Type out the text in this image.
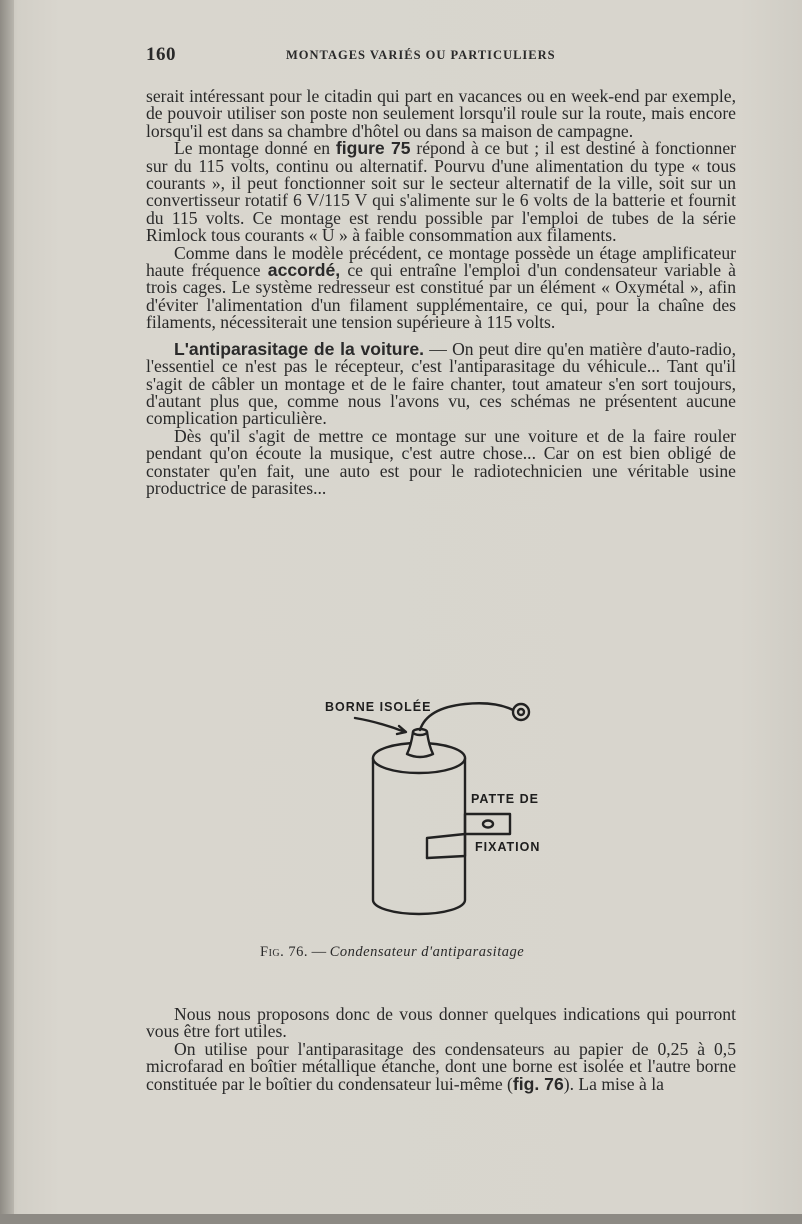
160	MONTAGES VARIÉS OU PARTICULIERS

serait intéressant pour le citadin qui part en vacances ou en week-end par exemple, de pouvoir utiliser son poste non seulement lorsqu'il roule sur la route, mais encore lorsqu'il est dans sa chambre d'hôtel ou dans sa maison de campagne.

Le montage donné en figure 75 répond à ce but ; il est destiné à fonctionner sur du 115 volts, continu ou alternatif. Pourvu d'une alimentation du type « tous courants », il peut fonctionner soit sur le secteur alternatif de la ville, soit sur un convertisseur rotatif 6 V/115 V qui s'alimente sur le 6 volts de la batterie et fournit du 115 volts. Ce montage est rendu possible par l'emploi de tubes de la série Rimlock tous courants « U » à faible consommation aux filaments.

Comme dans le modèle précédent, ce montage possède un étage amplificateur haute fréquence accordé, ce qui entraîne l'emploi d'un condensateur variable à trois cages. Le système redresseur est constitué par un élément « Oxymétal », afin d'éviter l'alimentation d'un filament supplémentaire, ce qui, pour la chaîne des filaments, nécessiterait une tension supérieure à 115 volts.

L'antiparasitage de la voiture. — On peut dire qu'en matière d'auto-radio, l'essentiel ce n'est pas le récepteur, c'est l'antiparasitage du véhicule... Tant qu'il s'agit de câbler un montage et de le faire chanter, tout amateur s'en sort toujours, d'autant plus que, comme nous l'avons vu, ces schémas ne présentent aucune complication particulière.

Dès qu'il s'agit de mettre ce montage sur une voiture et de la faire rouler pendant qu'on écoute la musique, c'est autre chose... Car on est bien obligé de constater qu'en fait, une auto est pour le radiotechnicien une véritable usine productrice de parasites...

BORNE ISOLÉE
PATTE DE
FIXATION
Fig. 76. — Condensateur d'antiparasitage

Nous nous proposons donc de vous donner quelques indications qui pourront vous être fort utiles.

On utilise pour l'antiparasitage des condensateurs au papier de 0,25 à 0,5 microfarad en boîtier métallique étanche, dont une borne est isolée et l'autre borne constituée par le boîtier du condensateur lui-même (fig. 76). La mise à la
